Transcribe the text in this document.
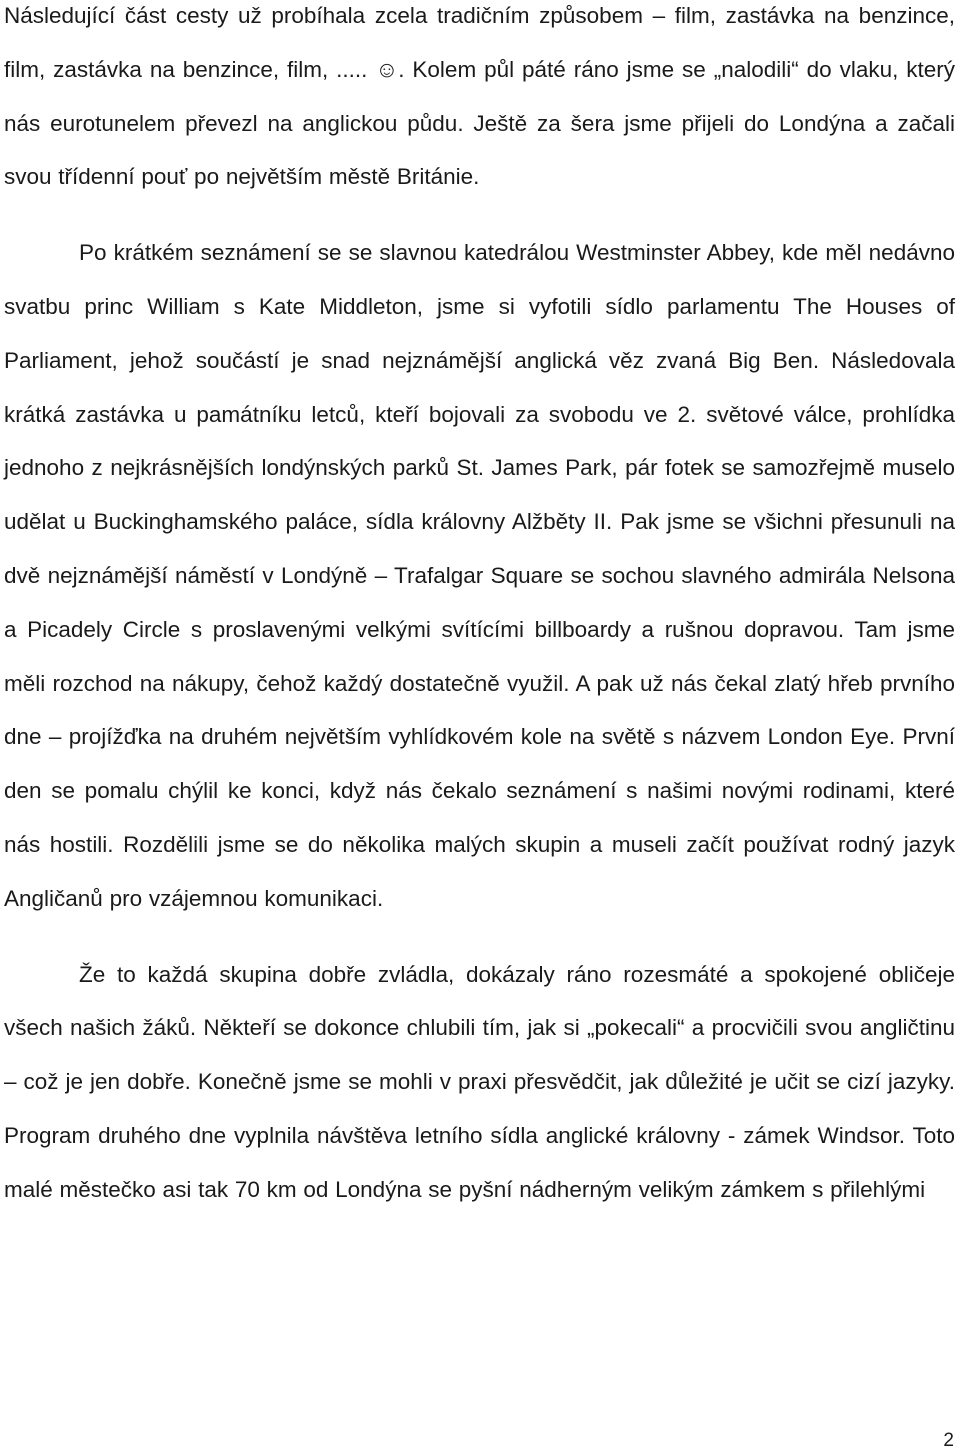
Následující část cesty už probíhala zcela tradičním způsobem – film, zastávka na benzince, film, zastávka na benzince, film, ..... ☺. Kolem půl páté ráno jsme se „nalodili“ do vlaku, který nás eurotunelem převezl na anglickou půdu. Ještě za šera jsme přijeli do Londýna a začali svou třídenní pouť po největším městě Británie.

Po krátkém seznámení se se slavnou katedrálou Westminster Abbey, kde měl nedávno svatbu princ William s Kate Middleton, jsme si vyfotili sídlo parlamentu The Houses of Parliament, jehož součástí je snad nejznámější anglická věz zvaná Big Ben. Následovala krátká zastávka u památníku letců, kteří bojovali za svobodu ve 2. světové válce, prohlídka jednoho z nejkrásnějších londýnských parků St. James Park, pár fotek se samozřejmě muselo udělat u Buckinghamského paláce, sídla královny Alžběty II. Pak jsme se všichni přesunuli na dvě nejznámější náměstí v Londýně – Trafalgar Square se sochou slavného admirála Nelsona a Picadely Circle s proslavenými velkými svítícími billboardy a rušnou dopravou. Tam jsme měli rozchod na nákupy, čehož každý dostatečně využil. A pak už nás čekal zlatý hřeb prvního dne – projížďka na druhém největším vyhlídkovém kole na světě s názvem London Eye. První den se pomalu chýlil ke konci, když nás čekalo seznámení s našimi novými rodinami, které nás hostili. Rozdělili jsme se do několika malých skupin a museli začít používat rodný jazyk Angličanů pro vzájemnou komunikaci.

Že to každá skupina dobře zvládla, dokázaly ráno rozesmáté a spokojené obličeje všech našich žáků. Někteří se dokonce chlubili tím, jak si „pokecali“ a procvičili svou angličtinu – což je jen dobře. Konečně jsme se mohli v praxi přesvědčit, jak důležité je učit se cizí jazyky. Program druhého dne vyplnila návštěva letního sídla anglické královny - zámek Windsor. Toto malé městečko asi tak 70 km od Londýna se pyšní nádherným velikým zámkem s přilehlými

2
